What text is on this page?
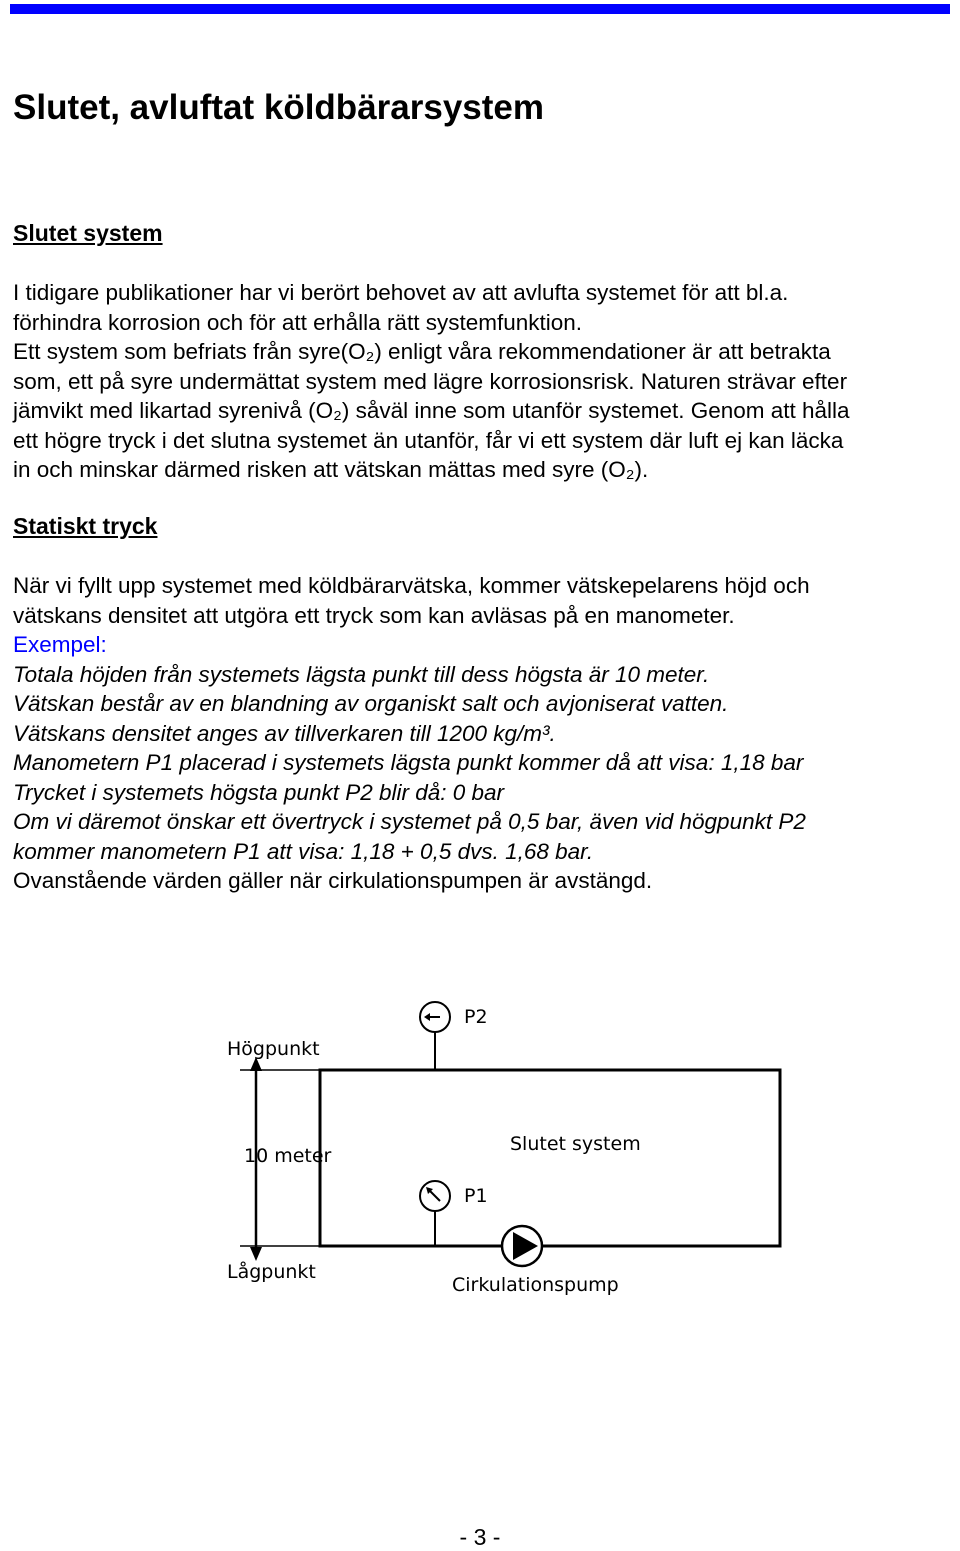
Slutet, avluftat köldbärarsystem
Slutet system
I tidigare publikationer har vi berört behovet av att avlufta systemet för att bl.a.
förhindra korrosion och för att erhålla rätt systemfunktion.
Ett system som befriats från syre(O₂) enligt våra rekommendationer är att betrakta
som, ett på syre undermättat system med lägre korrosionsrisk. Naturen strävar efter
jämvikt med likartad syrenivå (O₂) såväl inne som utanför systemet. Genom att hålla
ett högre tryck i det slutna systemet än utanför, får vi ett system där luft ej kan läcka
in och minskar därmed risken att vätskan mättas med syre (O₂).
Statiskt tryck
När vi fyllt upp systemet med köldbärarvätska, kommer vätskepelarens höjd och
vätskans densitet att utgöra ett tryck som kan avläsas på en manometer.
Exempel:
Totala höjden från systemets lägsta punkt till dess högsta är 10 meter.
Vätskan består av en blandning av organiskt salt och avjoniserat vatten.
Vätskans densitet anges av tillverkaren till 1200 kg/m³.
Manometern P1 placerad i systemets lägsta punkt kommer då att visa: 1,18 bar
Trycket i systemets högsta punkt P2 blir då: 0 bar
Om vi däremot önskar ett övertryck i systemet på 0,5 bar, även vid högpunkt P2
kommer manometern P1 att visa: 1,18 + 0,5 dvs. 1,68 bar.
Ovanstående värden gäller när cirkulationspumpen är avstängd.
Högpunkt
10 meter
Lågpunkt
Slutet system
P2
P1
Cirkulationspump
- 3 -
